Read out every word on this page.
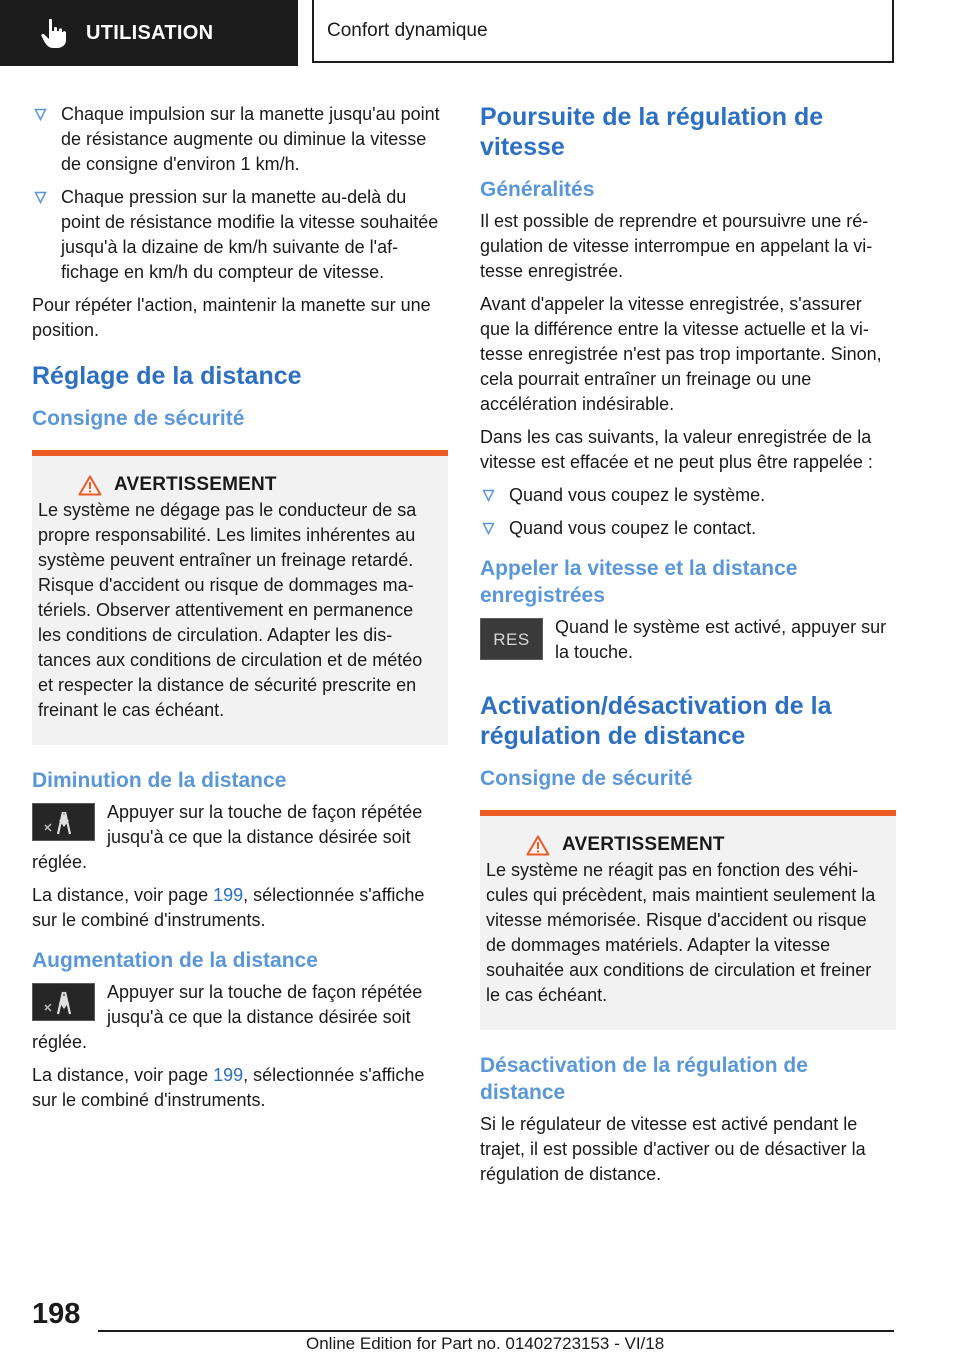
UTILISATION	Confort dynamique
Chaque impulsion sur la manette jusqu'au point de résistance augmente ou diminue la vitesse de consigne d'environ 1 km/h.
Chaque pression sur la manette au-delà du point de résistance modifie la vitesse souhaitée jusqu'à la dizaine de km/h suivante de l'affichage en km/h du compteur de vitesse.

Pour répéter l'action, maintenir la manette sur une position.

Réglage de la distance
Consigne de sécurité
AVERTISSEMENT
Le système ne dégage pas le conducteur de sa propre responsabilité. Les limites inhérentes au système peuvent entraîner un freinage retardé. Risque d'accident ou risque de dommages matériels. Observer attentivement en permanence les conditions de circulation. Adapter les distances aux conditions de circulation et de météo et respecter la distance de sécurité prescrite en freinant le cas échéant.
Diminution de la distance
Appuyer sur la touche de façon répétée jusqu'à ce que la distance désirée soit réglée.

La distance, voir page 199, sélectionnée s'affiche sur le combiné d'instruments.

Augmentation de la distance
Appuyer sur la touche de façon répétée jusqu'à ce que la distance désirée soit réglée.

La distance, voir page 199, sélectionnée s'affiche sur le combiné d'instruments.

Poursuite de la régulation de vitesse
Généralités

Il est possible de reprendre et poursuivre une régulation de vitesse interrompue en appelant la vitesse enregistrée.

Avant d'appeler la vitesse enregistrée, s'assurer que la différence entre la vitesse actuelle et la vitesse enregistrée n'est pas trop importante. Sinon, cela pourrait entraîner un freinage ou une accélération indésirable.

Dans les cas suivants, la valeur enregistrée de la vitesse est effacée et ne peut plus être rappelée :

Quand vous coupez le système.
Quand vous coupez le contact.
Appeler la vitesse et la distance enregistrées
RES
Quand le système est activé, appuyer sur la touche.
Activation/désactivation de la régulation de distance
Consigne de sécurité
AVERTISSEMENT
Le système ne réagit pas en fonction des véhicules qui précèdent, mais maintient seulement la vitesse mémorisée. Risque d'accident ou risque de dommages matériels. Adapter la vitesse souhaitée aux conditions de circulation et freiner le cas échéant.
Désactivation de la régulation de distance

Si le régulateur de vitesse est activé pendant le trajet, il est possible d'activer ou de désactiver la régulation de distance.

198
Online Edition for Part no. 01402723153 - VI/18
